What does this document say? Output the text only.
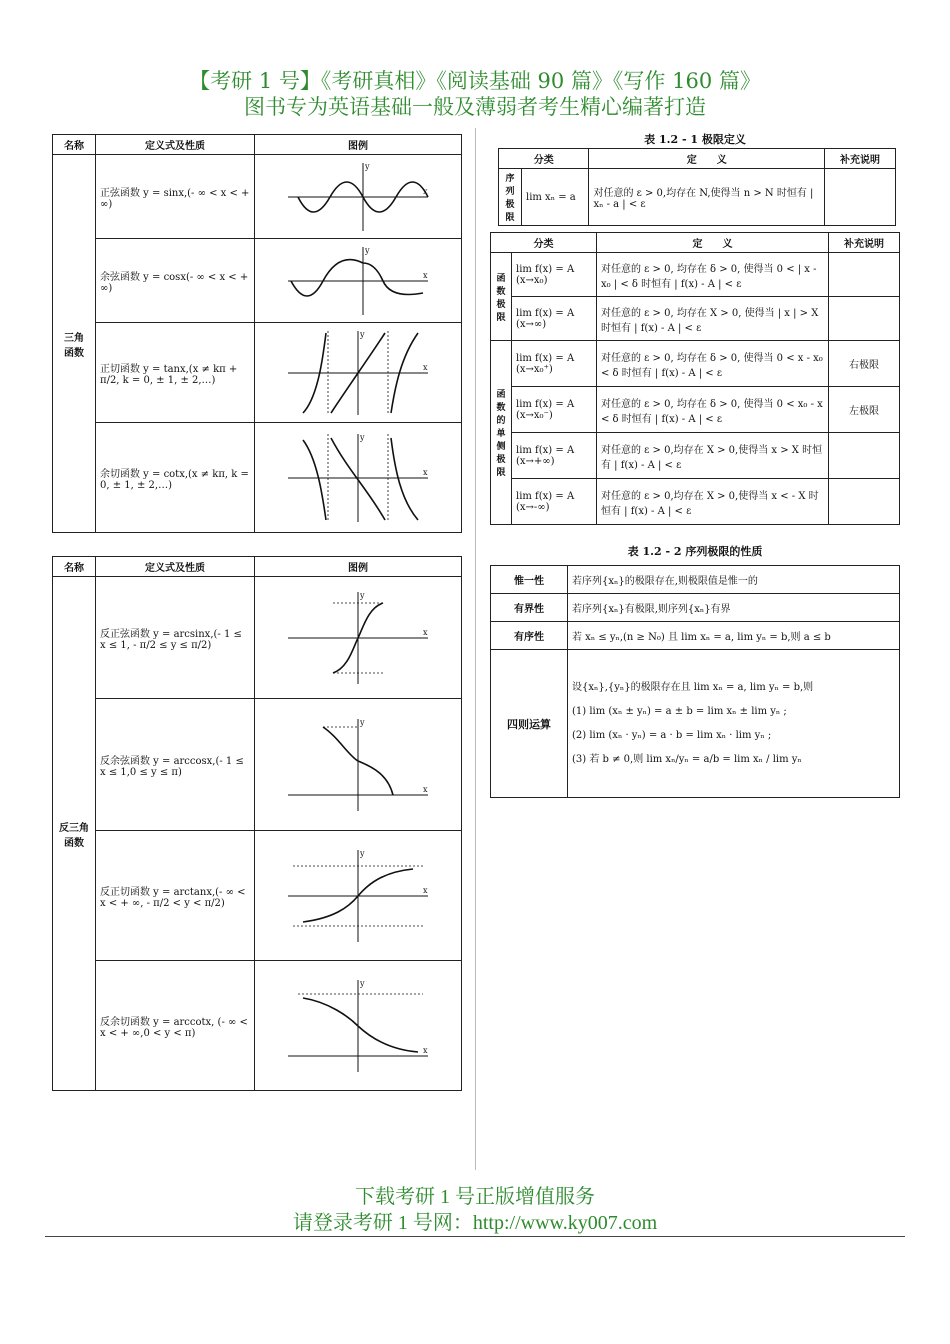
【考研 1 号】《考研真相》《阅读基础 90 篇》《写作 160 篇》
图书专为英语基础一般及薄弱者考生精心编著打造
名称	定义式及性质	图例
三角
函数	正弦函数 y = sinx,(- ∞ < x < + ∞)	x
y

	余弦函数 y = cosx(- ∞ < x < + ∞)	x
y

	正切函数 y = tanx,(x ≠ kπ + π/2, k = 0, ± 1, ± 2,…)	x
y

	余切函数 y = cotx,(x ≠ kπ, k = 0, ± 1, ± 2,…)	x
y
名称	定义式及性质	图例
反三角
函数	反正弦函数 y = arcsinx,(- 1 ≤ x ≤ 1, - π/2 ≤ y ≤ π/2)	x
y

	反余弦函数 y = arccosx,(- 1 ≤ x ≤ 1,0 ≤ y ≤ π)	x
y

	反正切函数 y = arctanx,(- ∞ < x < + ∞, - π/2 < y < π/2)	x
y

	反余切函数 y = arccotx, (- ∞ < x < + ∞,0 < y < π)	x
y
表 1.2 - 1 极限定义
分类		定　　义	补充说明
序列极限	lim xₙ = a	对任意的 ε > 0,均存在 N,使得当 n > N 时恒有 | xₙ - a | < ε	
分类		定　　义	补充说明
函数极限	lim f(x) = A (x→x₀)	对任意的 ε > 0, 均存在 δ > 0, 使得当 0 < | x - x₀ | < δ 时恒有 | f(x) - A | < ε	
	lim f(x) = A (x→∞)	对任意的 ε > 0, 均存在 X > 0, 使得当 | x | > X 时恒有 | f(x) - A | < ε	
函数的单侧极限	lim f(x) = A (x→x₀⁺)	对任意的 ε > 0, 均存在 δ > 0, 使得当 0 < x - x₀ < δ 时恒有 | f(x) - A | < ε	右极限
	lim f(x) = A (x→x₀⁻)	对任意的 ε > 0, 均存在 δ > 0, 使得当 0 < x₀ - x < δ 时恒有 | f(x) - A | < ε	左极限
	lim f(x) = A (x→+∞)	对任意的 ε > 0,均存在 X > 0,使得当 x > X 时恒有 | f(x) - A | < ε	
	lim f(x) = A (x→-∞)	对任意的 ε > 0,均存在 X > 0,使得当 x < - X 时恒有 | f(x) - A | < ε	
表 1.2 - 2 序列极限的性质
惟一性	若序列{xₙ}的极限存在,则极限值是惟一的
有界性	若序列{xₙ}有极限,则序列{xₙ}有界
有序性	若 xₙ ≤ yₙ,(n ≥ N₀) 且 lim xₙ = a, lim yₙ = b,则 a ≤ b
四则运算	设{xₙ},{yₙ}的极限存在且 lim xₙ = a, lim yₙ = b,则
(1) lim (xₙ ± yₙ) = a ± b = lim xₙ ± lim yₙ ;
(2) lim (xₙ · yₙ) = a · b = lim xₙ · lim yₙ ;
(3) 若 b ≠ 0,则 lim xₙ/yₙ = a/b = lim xₙ / lim yₙ
下载考研 1 号正版增值服务
请登录考研 1 号网：http://www.ky007.com
